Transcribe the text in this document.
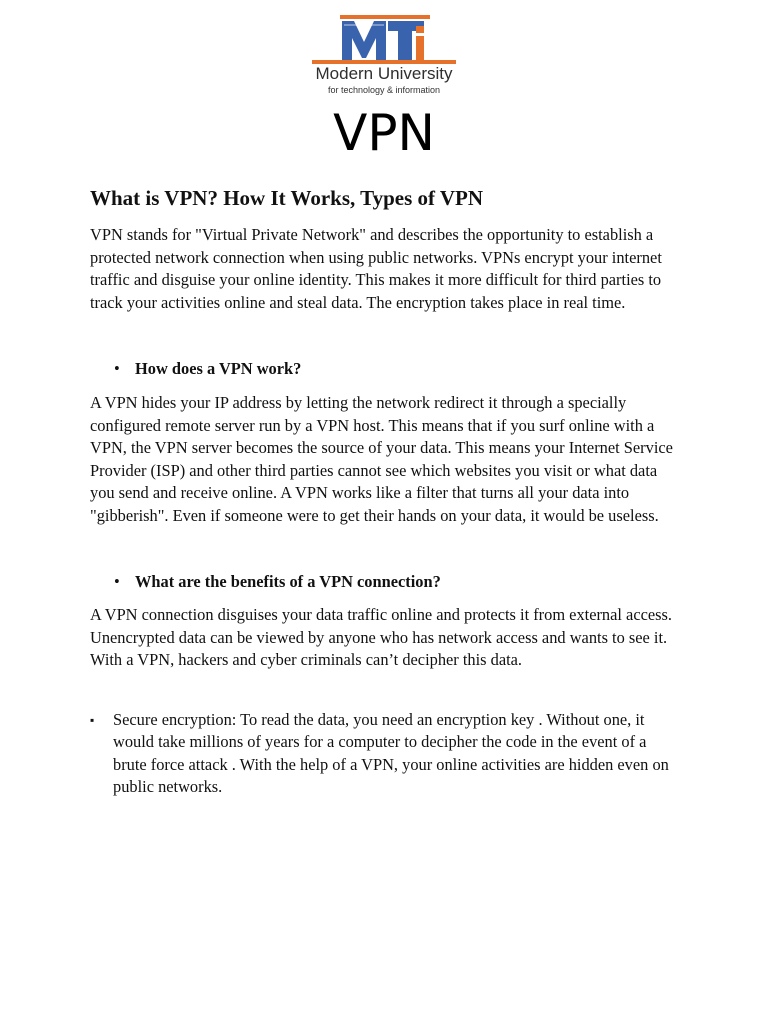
Modern University
for technology & information
VPN
What is VPN? How It Works, Types of VPN

VPN stands for "Virtual Private Network" and describes the opportunity to establish a protected network connection when using public networks. VPNs encrypt your internet traffic and disguise your online identity. This makes it more difficult for third parties to track your activities online and steal data. The encryption takes place in real time.

• How does a VPN work?

A VPN hides your IP address by letting the network redirect it through a specially configured remote server run by a VPN host. This means that if you surf online with a VPN, the VPN server becomes the source of your data. This means your Internet Service Provider (ISP) and other third parties cannot see which websites you visit or what data you send and receive online. A VPN works like a filter that turns all your data into "gibberish". Even if someone were to get their hands on your data, it would be useless.

• What are the benefits of a VPN connection?

A VPN connection disguises your data traffic online and protects it from external access. Unencrypted data can be viewed by anyone who has network access and wants to see it. With a VPN, hackers and cyber criminals can’t decipher this data.

▪	Secure encryption: To read the data, you need an encryption key . Without one, it would take millions of years for a computer to decipher the code in the event of a brute force attack . With the help of a VPN, your online activities are hidden even on public networks.
